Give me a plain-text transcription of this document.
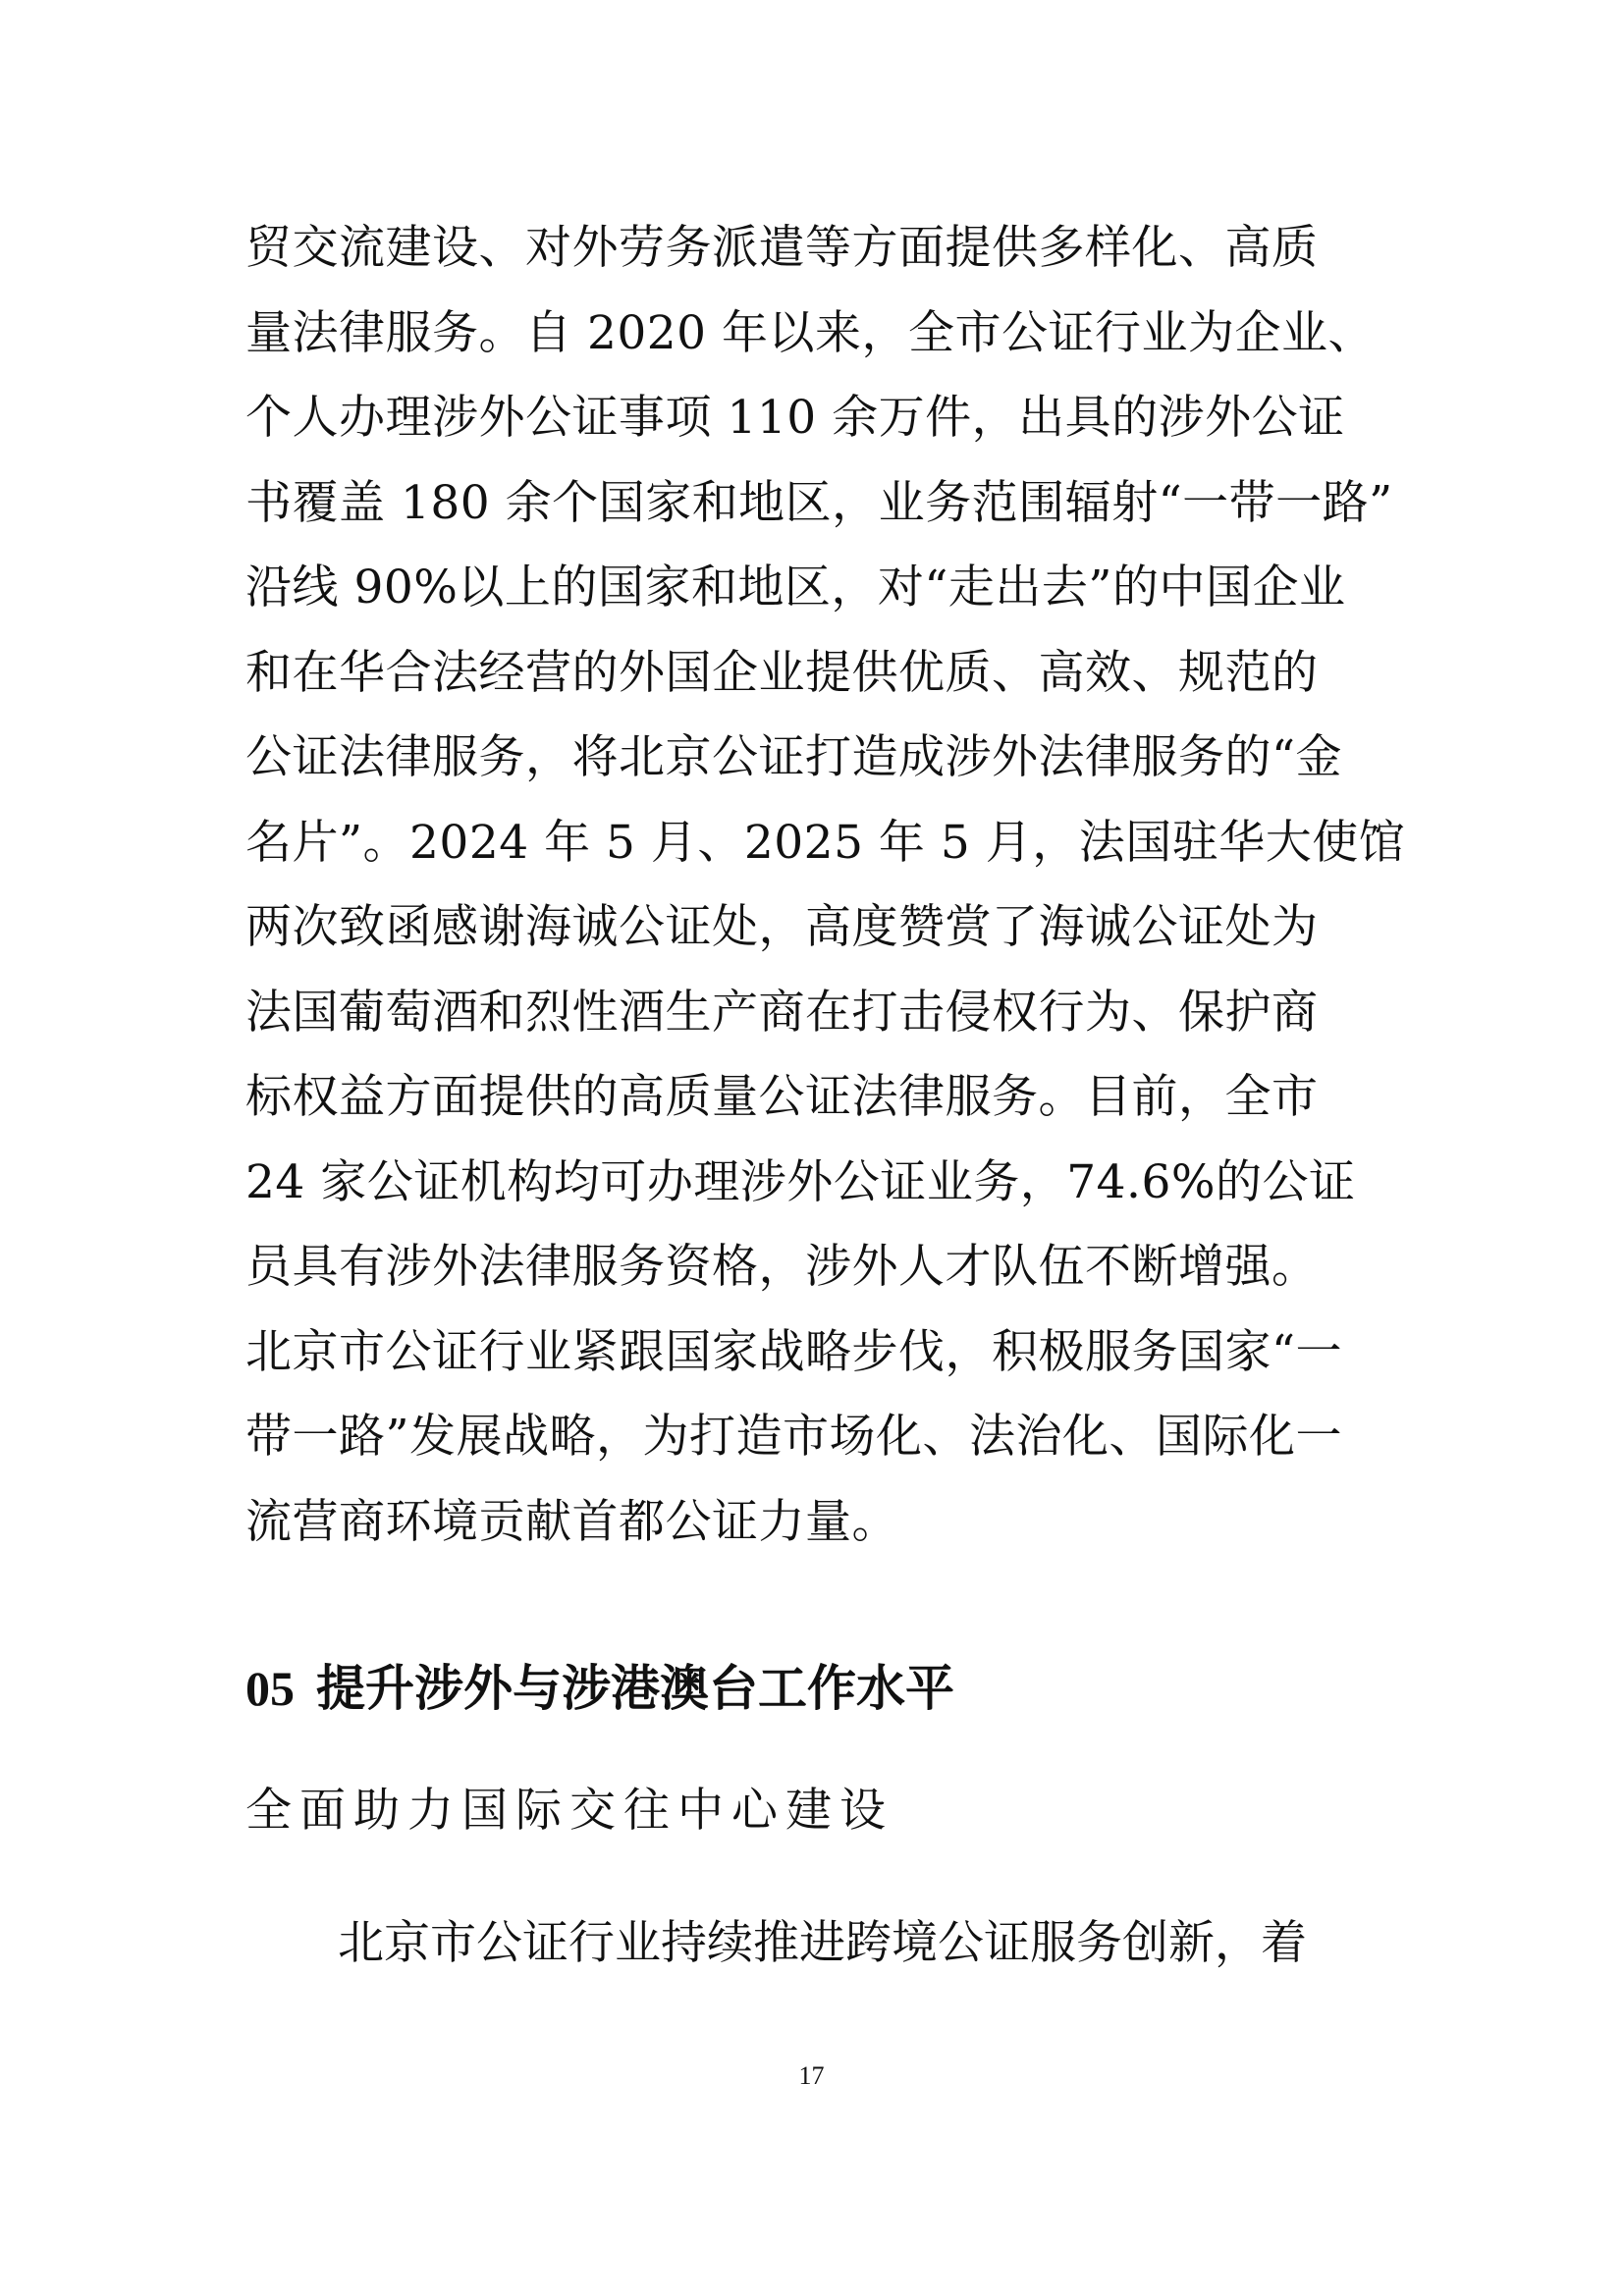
贸交流建设、对外劳务派遣等方面提供多样化、高质
量法律服务。自 2020 年以来，全市公证行业为企业、
个人办理涉外公证事项 110 余万件，出具的涉外公证
书覆盖 180 余个国家和地区，业务范围辐射“一带一路”
沿线 90%以上的国家和地区，对“走出去”的中国企业
和在华合法经营的外国企业提供优质、高效、规范的
公证法律服务，将北京公证打造成涉外法律服务的“金
名片”。2024 年 5 月、2025 年 5 月，法国驻华大使馆
两次致函感谢海诚公证处，高度赞赏了海诚公证处为
法国葡萄酒和烈性酒生产商在打击侵权行为、保护商
标权益方面提供的高质量公证法律服务。目前，全市
24 家公证机构均可办理涉外公证业务，74.6%的公证
员具有涉外法律服务资格，涉外人才队伍不断增强。
北京市公证行业紧跟国家战略步伐，积极服务国家“一
带一路”发展战略，为打造市场化、法治化、国际化一
流营商环境贡献首都公证力量。
05 提升涉外与涉港澳台工作水平
全面助力国际交往中心建设
北京市公证行业持续推进跨境公证服务创新，着
17
